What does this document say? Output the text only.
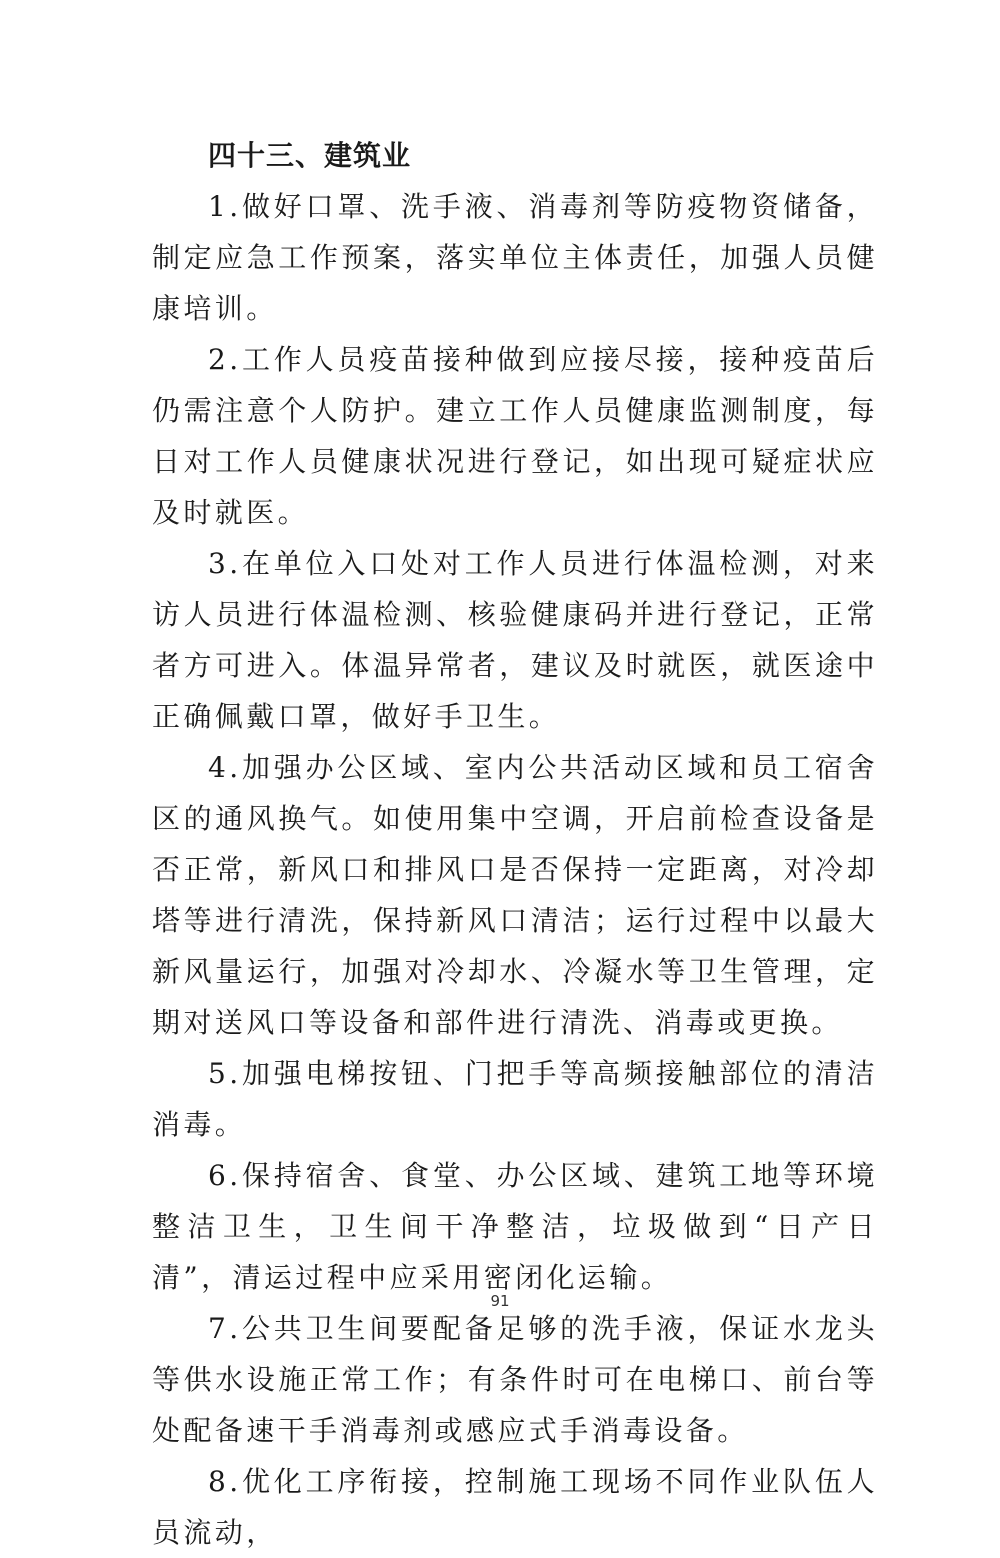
四十三、建筑业

1.做好口罩、洗手液、消毒剂等防疫物资储备，制定应急工作预案，落实单位主体责任，加强人员健康培训。

2.工作人员疫苗接种做到应接尽接，接种疫苗后仍需注意个人防护。建立工作人员健康监测制度，每日对工作人员健康状况进行登记，如出现可疑症状应及时就医。

3.在单位入口处对工作人员进行体温检测，对来访人员进行体温检测、核验健康码并进行登记，正常者方可进入。体温异常者，建议及时就医，就医途中正确佩戴口罩，做好手卫生。

4.加强办公区域、室内公共活动区域和员工宿舍区的通风换气。如使用集中空调，开启前检查设备是否正常，新风口和排风口是否保持一定距离，对冷却塔等进行清洗，保持新风口清洁；运行过程中以最大新风量运行，加强对冷却水、冷凝水等卫生管理，定期对送风口等设备和部件进行清洗、消毒或更换。

5.加强电梯按钮、门把手等高频接触部位的清洁消毒。

6.保持宿舍、食堂、办公区域、建筑工地等环境整洁卫生，卫生间干净整洁，垃圾做到“日产日清”，清运过程中应采用密闭化运输。

7.公共卫生间要配备足够的洗手液，保证水龙头等供水设施正常工作；有条件时可在电梯口、前台等处配备速干手消毒剂或感应式手消毒设备。

8.优化工序衔接，控制施工现场不同作业队伍人员流动，

91
